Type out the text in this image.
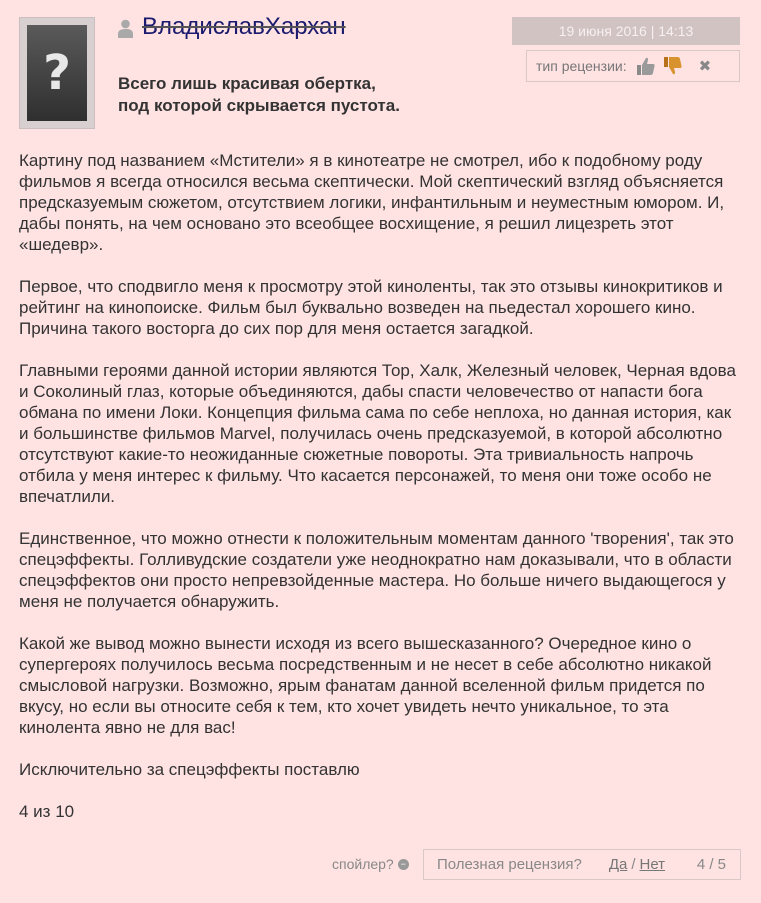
?
ВладиславХархан	19 июня 2016 | 14:13
тип рецензии:	✖
Всего лишь красивая обертка,
под которой скрывается пустота.

Картину под названием «Мстители» я в кинотеатре не смотрел, ибо к подобному роду фильмов я всегда относился весьма скептически. Мой скептический взгляд объясняется предсказуемым сюжетом, отсутствием логики, инфантильным и неуместным юмором. И, дабы понять, на чем основано это всеобщее восхищение, я решил лицезреть этот «шедевр».

Первое, что сподвигло меня к просмотру этой киноленты, так это отзывы кинокритиков и рейтинг на кинопоиске. Фильм был буквально возведен на пьедестал хорошего кино. Причина такого восторга до сих пор для меня остается загадкой.

Главными героями данной истории являются Тор, Халк, Железный человек, Черная вдова и Соколиный глаз, которые объединяются, дабы спасти человечество от напасти бога обмана по имени Локи. Концепция фильма сама по себе неплоха, но данная история, как и большинстве фильмов Marvel, получилась очень предсказуемой, в которой абсолютно отсутствуют какие-то неожиданные сюжетные повороты. Эта тривиальность напрочь отбила у меня интерес к фильму. Что касается персонажей, то меня они тоже особо не впечатлили.

Единственное, что можно отнести к положительным моментам данного 'творения', так это спецэффекты. Голливудские создатели уже неоднократно нам доказывали, что в области спецэффектов они просто непревзойденные мастера. Но больше ничего выдающегося у меня не получается обнаружить.

Какой же вывод можно вынести исходя из всего вышесказанного? Очередное кино о супергероях получилось весьма посредственным и не несет в себе абсолютно никакой смысловой нагрузки. Возможно, ярым фанатам данной вселенной фильм придется по вкусу, но если вы относите себя к тем, кто хочет увидеть нечто уникальное, то эта кинолента явно не для вас!

Исключительно за спецэффекты поставлю

4 из 10

спойлер? − Полезная рецензия? Да / Нет 4 / 5
